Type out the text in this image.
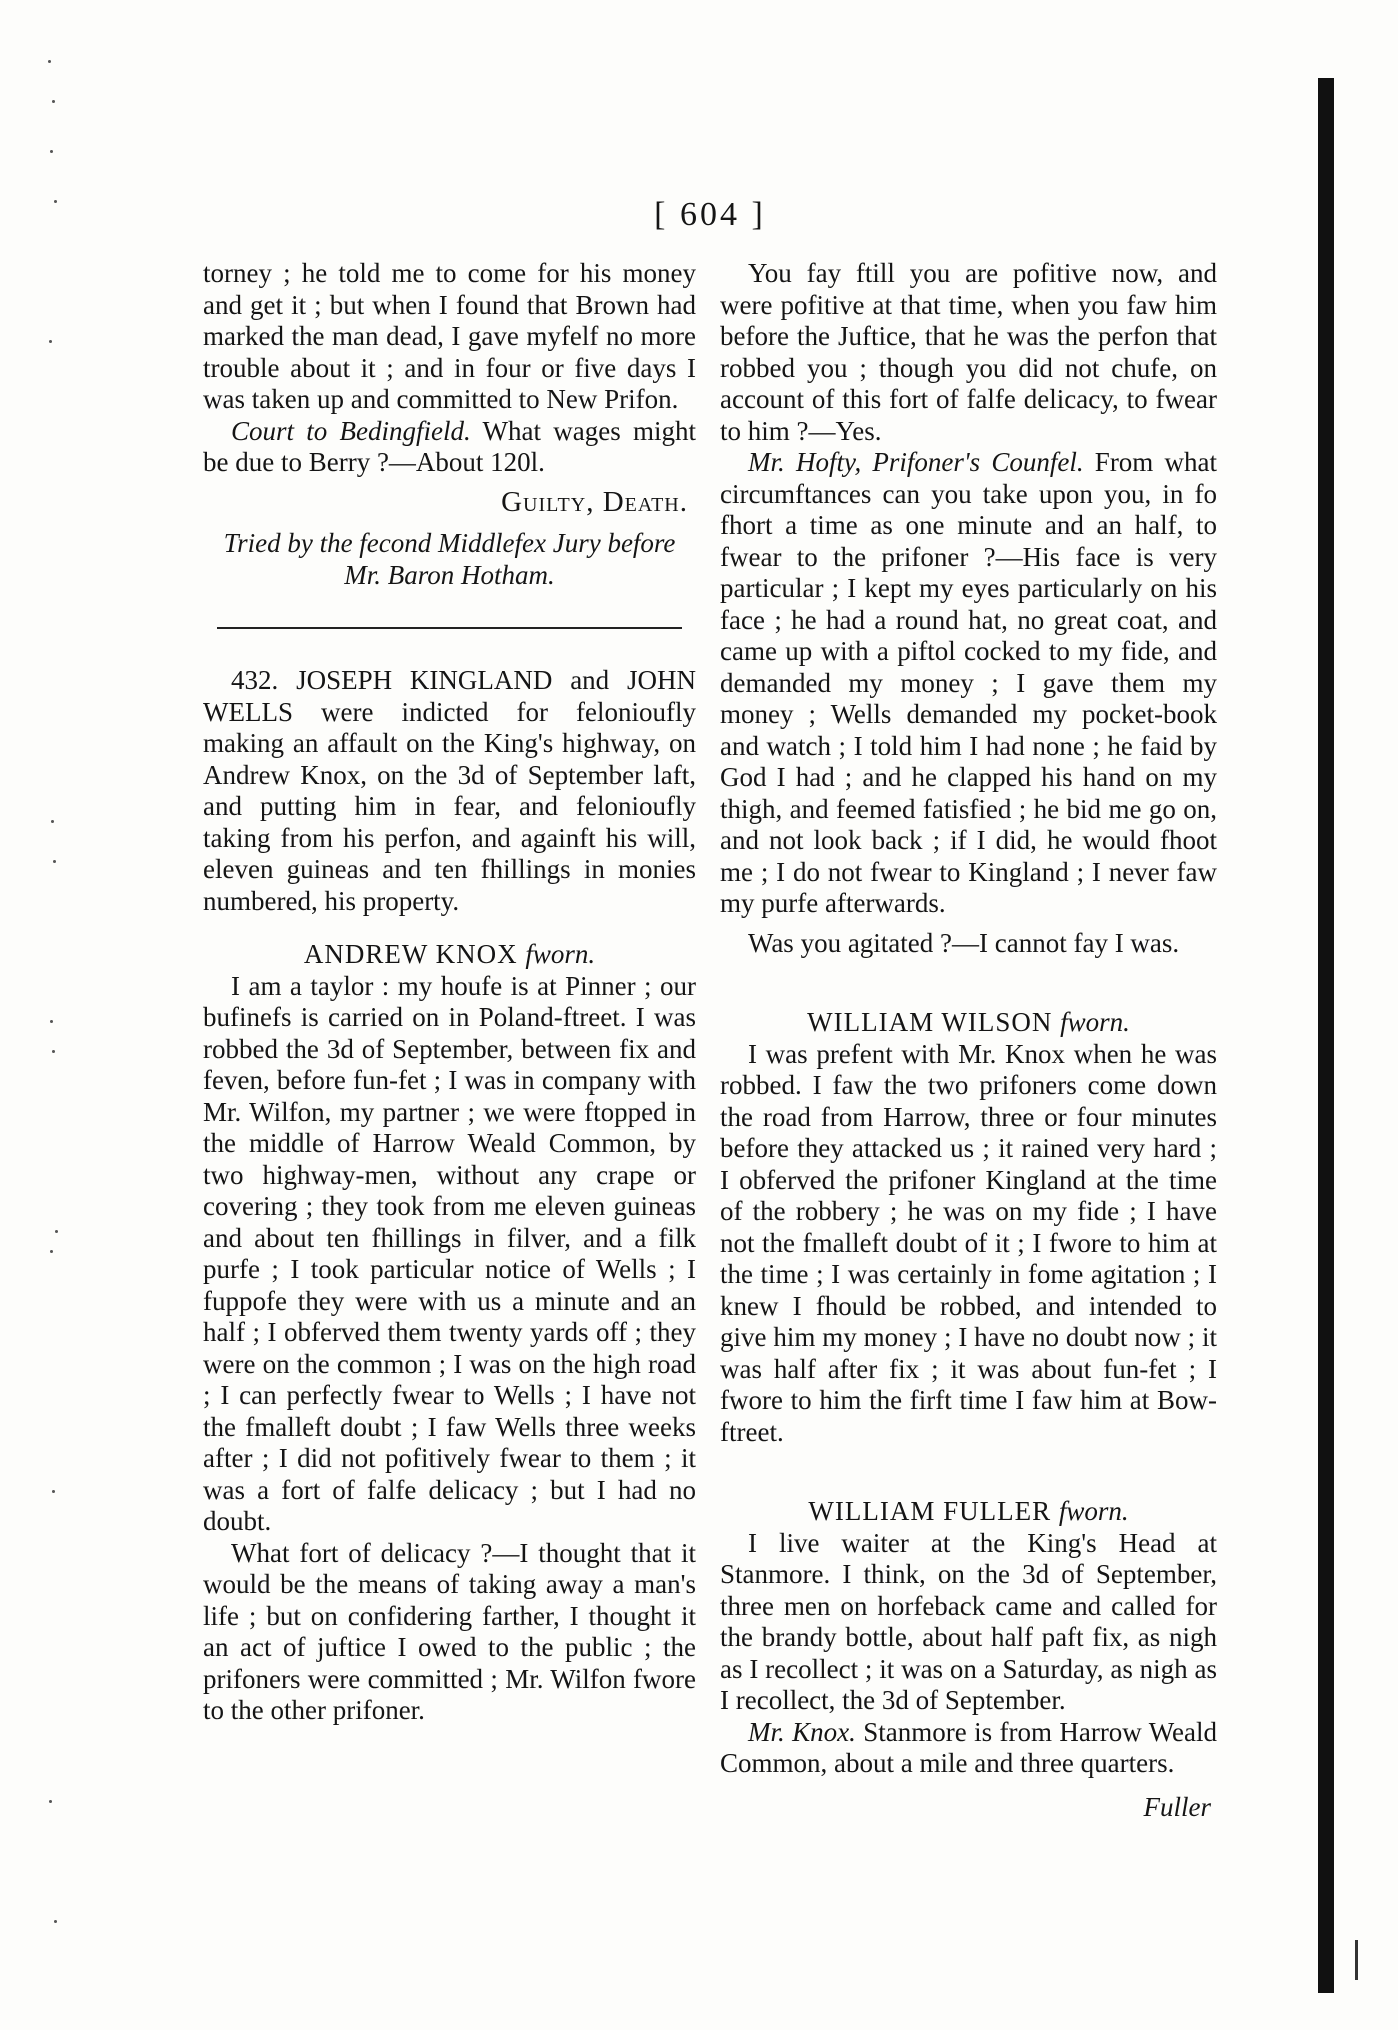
[ 604 ]

torney ; he told me to come for his money and get it ; but when I found that Brown had marked the man dead, I gave myfelf no more trouble about it ; and in four or five days I was taken up and committed to New Prifon.

Court to Bedingfield. What wages might be due to Berry ?—About 120l.

Guilty, Death.
Tried by the fecond Middlefex Jury before Mr. Baron Hotham.

432. JOSEPH KINGLAND and JOHN WELLS were indicted for felonioufly making an affault on the King's highway, on Andrew Knox, on the 3d of September laft, and putting him in fear, and felonioufly taking from his perfon, and againft his will, eleven guineas and ten fhillings in monies numbered, his property.

ANDREW KNOX fworn.

I am a taylor : my houfe is at Pinner ; our bufinefs is carried on in Poland-ftreet. I was robbed the 3d of September, between fix and feven, before fun-fet ; I was in company with Mr. Wilfon, my partner ; we were ftopped in the middle of Harrow Weald Common, by two highway-men, without any crape or covering ; they took from me eleven guineas and about ten fhillings in filver, and a filk purfe ; I took particular notice of Wells ; I fuppofe they were with us a minute and an half ; I obferved them twenty yards off ; they were on the common ; I was on the high road ; I can perfectly fwear to Wells ; I have not the fmalleft doubt ; I faw Wells three weeks after ; I did not pofitively fwear to them ; it was a fort of falfe delicacy ; but I had no doubt.

What fort of delicacy ?—I thought that it would be the means of taking away a man's life ; but on confidering farther, I thought it an act of juftice I owed to the public ; the prifoners were committed ; Mr. Wilfon fwore to the other prifoner.

You fay ftill you are pofitive now, and were pofitive at that time, when you faw him before the Juftice, that he was the perfon that robbed you ; though you did not chufe, on account of this fort of falfe delicacy, to fwear to him ?—Yes.

Mr. Hofty, Prifoner's Counfel. From what circumftances can you take upon you, in fo fhort a time as one minute and an half, to fwear to the prifoner ?—His face is very particular ; I kept my eyes particularly on his face ; he had a round hat, no great coat, and came up with a piftol cocked to my fide, and demanded my money ; I gave them my money ; Wells demanded my pocket-book and watch ; I told him I had none ; he faid by God I had ; and he clapped his hand on my thigh, and feemed fatisfied ; he bid me go on, and not look back ; if I did, he would fhoot me ; I do not fwear to Kingland ; I never faw my purfe afterwards.

Was you agitated ?—I cannot fay I was.

WILLIAM WILSON fworn.

I was prefent with Mr. Knox when he was robbed. I faw the two prifoners come down the road from Harrow, three or four minutes before they attacked us ; it rained very hard ; I obferved the prifoner Kingland at the time of the robbery ; he was on my fide ; I have not the fmalleft doubt of it ; I fwore to him at the time ; I was certainly in fome agitation ; I knew I fhould be robbed, and intended to give him my money ; I have no doubt now ; it was half after fix ; it was about fun-fet ; I fwore to him the firft time I faw him at Bow-ftreet.

WILLIAM FULLER fworn.

I live waiter at the King's Head at Stanmore. I think, on the 3d of September, three men on horfeback came and called for the brandy bottle, about half paft fix, as nigh as I recollect ; it was on a Saturday, as nigh as I recollect, the 3d of September.

Mr. Knox. Stanmore is from Harrow Weald Common, about a mile and three quarters.

Fuller
